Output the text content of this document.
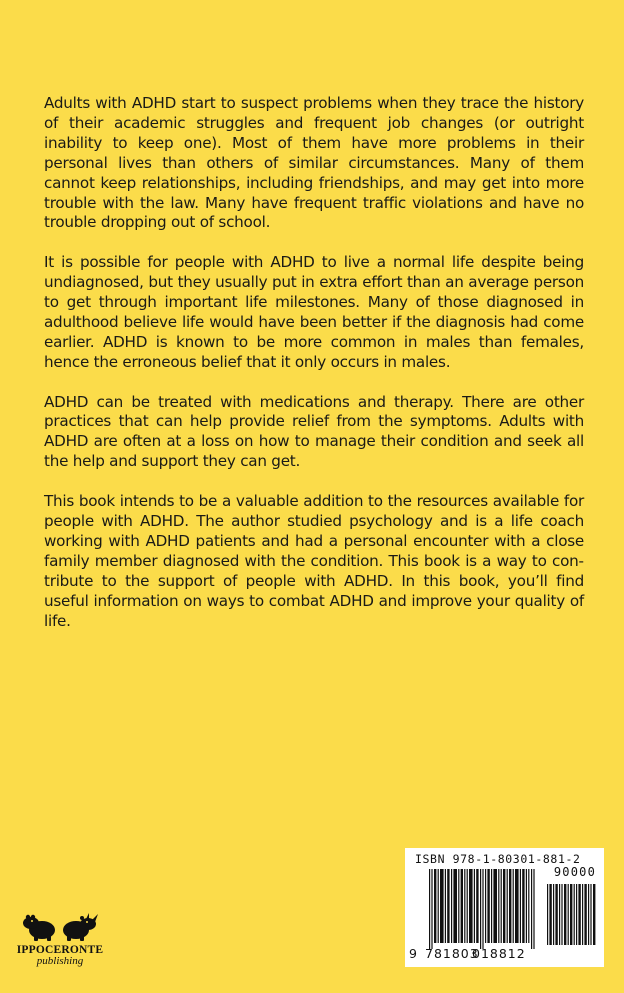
Adults with ADHD start to suspect problems when they trace the history of their academic struggles and frequent job changes (or outright inability to keep one). Most of them have more problems in their personal lives than others of similar circumstances. Many of them cannot keep relationships, including friendships, and may get into more trouble with the law. Many have frequent traffic violations and have no trouble dropping out of school.

It is possible for people with ADHD to live a normal life despite being undiagnosed, but they usually put in extra effort than an average person to get through important life milestones. Many of those diagnosed in adulthood believe life would have been better if the diagnosis had come earlier. ADHD is known to be more common in males than females, hence the erroneous belief that it only occurs in males.

ADHD can be treated with medications and therapy. There are other practices that can help provide relief from the symptoms. Adults with ADHD are often at a loss on how to manage their condition and seek all the help and support they can get.

This book intends to be a valuable addition to the resources available for people with ADHD. The author studied psychology and is a life coach working with ADHD patients and had a personal encounter with a close family member diagnosed with the condition. This book is a way to contribute to the support of people with ADHD. In this book, you’ll find useful information on ways to combat ADHD and improve your quality of life.

IPPOCERONTE
publishing
ISBN 978-1-80301-881-2
90000
9 781803
018812
